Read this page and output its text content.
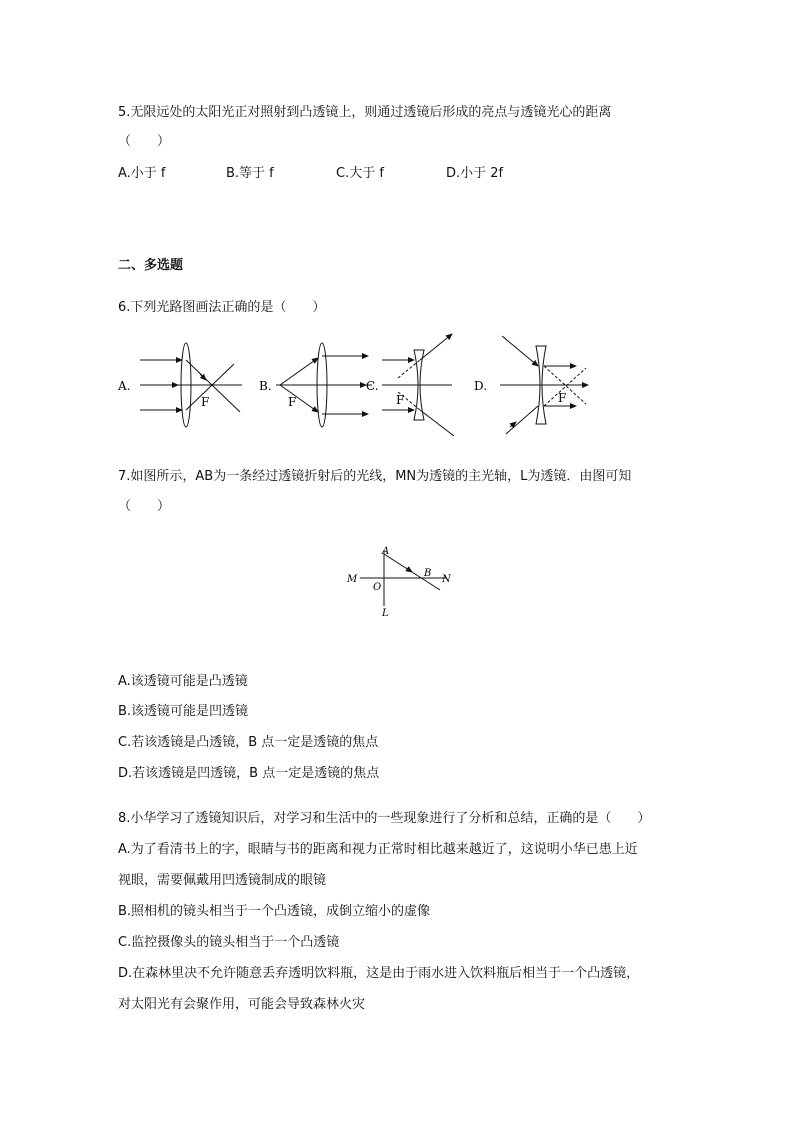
5.无限远处的太阳光正对照射到凸透镜上，则通过透镜后形成的亮点与透镜光心的距离
（　　）
A.小于 f	B.等于 f	C.大于 f	D.小于 2f
二、多选题
6.下列光路图画法正确的是（　　）
A.
F
B.
F
C.
F
D.
F
7.如图所示，AB为一条经过透镜折射后的光线，MN为透镜的主光轴，L为透镜．由图可知
（　　）
M	N
A
B
O
L
A.该透镜可能是凸透镜
B.该透镜可能是凹透镜
C.若该透镜是凸透镜，B 点一定是透镜的焦点
D.若该透镜是凹透镜，B 点一定是透镜的焦点
8.小华学习了透镜知识后，对学习和生活中的一些现象进行了分析和总结，正确的是（　　）
A.为了看清书上的字，眼睛与书的距离和视力正常时相比越来越近了，这说明小华已患上近
视眼，需要佩戴用凹透镜制成的眼镜
B.照相机的镜头相当于一个凸透镜，成倒立缩小的虚像
C.监控摄像头的镜头相当于一个凸透镜
D.在森林里决不允许随意丢弃透明饮料瓶，这是由于雨水进入饮料瓶后相当于一个凸透镜，
对太阳光有会聚作用，可能会导致森林火灾
